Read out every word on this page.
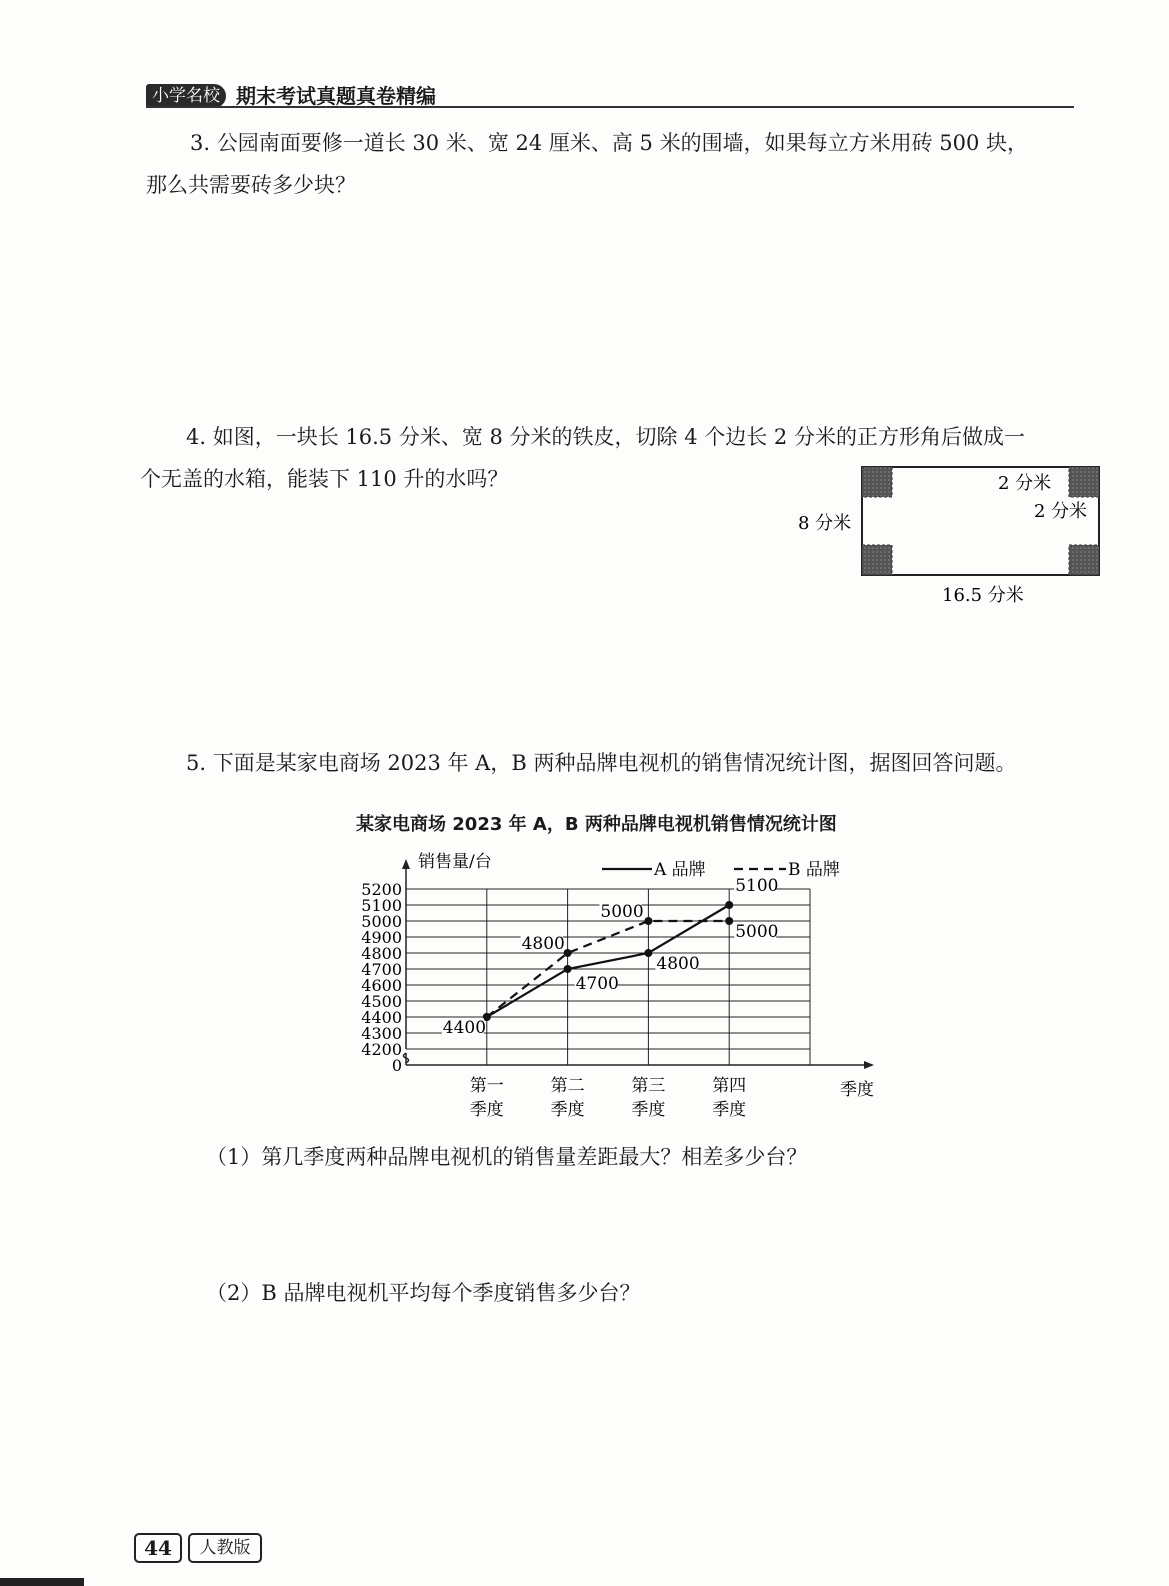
小学名校 期末考试真题真卷精编
3. 公园南面要修一道长 30 米、宽 24 厘米、高 5 米的围墙，如果每立方米用砖 500 块，
那么共需要砖多少块？
4. 如图，一块长 16.5 分米、宽 8 分米的铁皮，切除 4 个边长 2 分米的正方形角后做成一
个无盖的水箱，能装下 110 升的水吗？
8 分米
16.5 分米
2 分米
2 分米
5. 下面是某家电商场 2023 年 A，B 两种品牌电视机的销售情况统计图，据图回答问题。
某家电商场 2023 年 A，B 两种品牌电视机销售情况统计图
销售量/台
季度
4200
4300
4400
4500
4600
4700
4800
4900
5000
5100
5200
0
第一
季度
第二
季度
第三
季度
第四
季度
4700
4800
5100
4400
4800
5000
5000
A 品牌	B 品牌
（1）第几季度两种品牌电视机的销售量差距最大？相差多少台？
（2）B 品牌电视机平均每个季度销售多少台？
44	人教版
